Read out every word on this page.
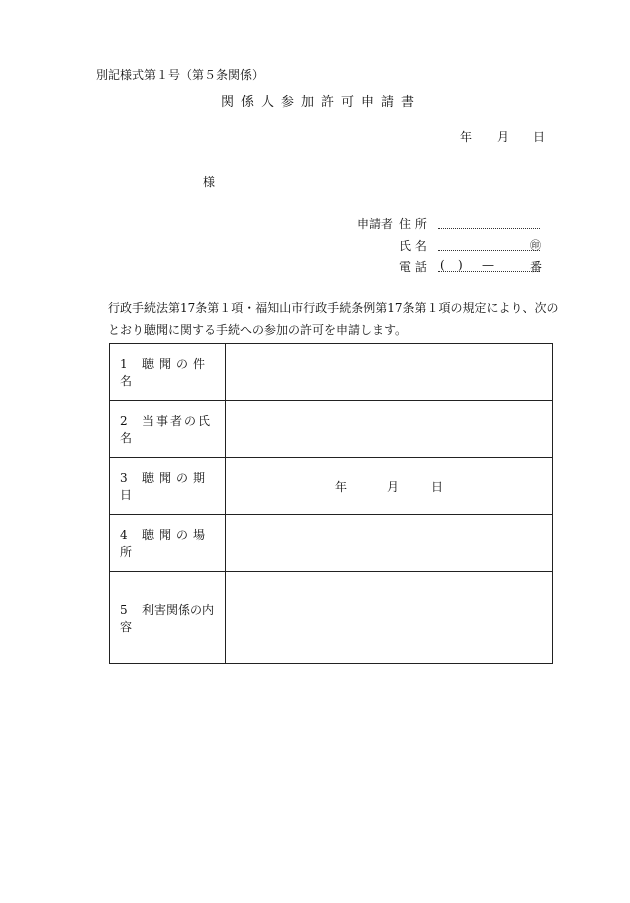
別記様式第１号（第５条関係）
関係人参加許可申請書
年 月 日
様
申請者 住 所
氏 名	㊞
電 話 ( ) —	番
行政手続法第17条第１項・福知山市行政手続条例第17条第１項の規定により、次のとおり聴聞に関する手続への参加の許可を申請します。
1 聴聞の件名	
2 当事者の氏名	
3 聴聞の期日	年 月 日
4 聴聞の場所	
5 利害関係の内容	
